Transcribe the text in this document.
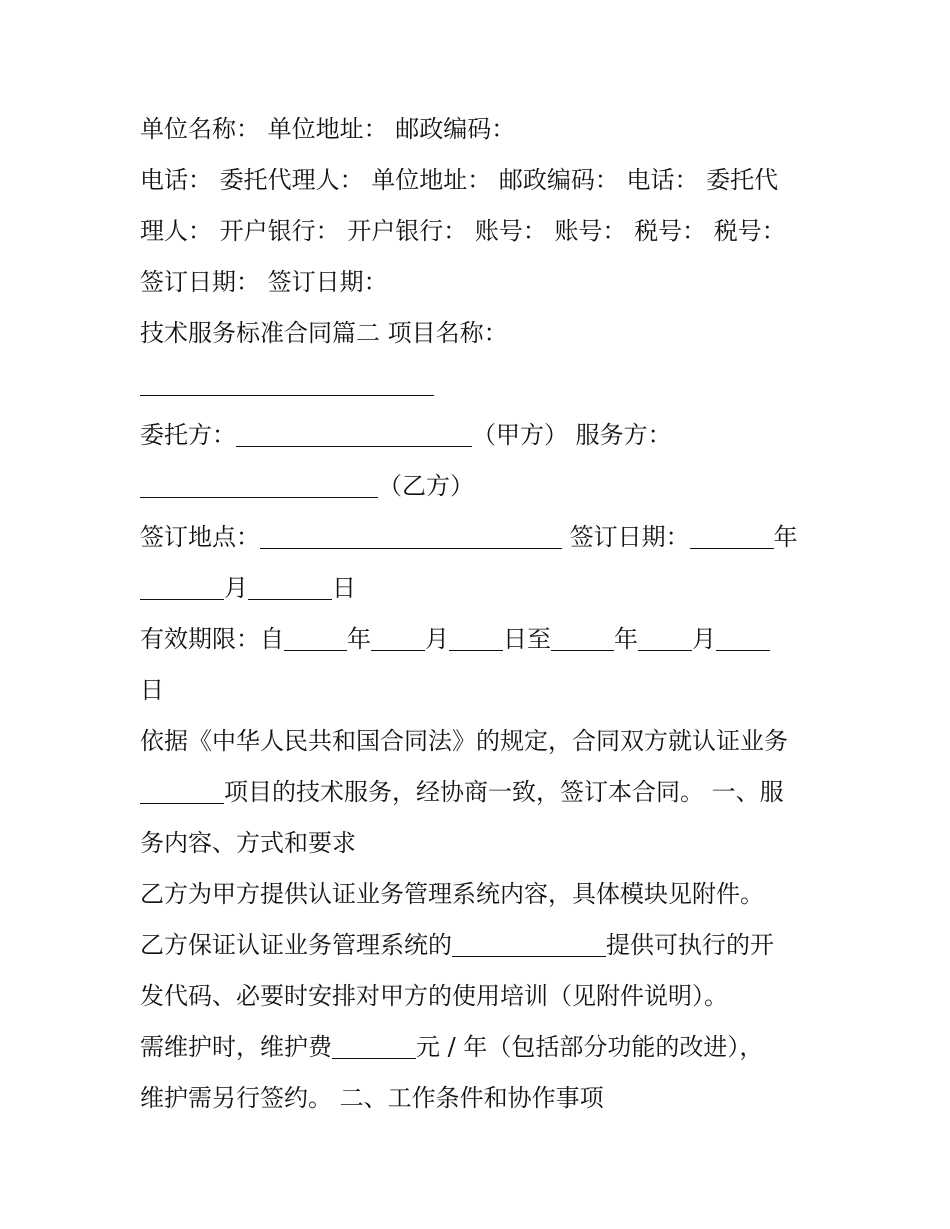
单位名称： 单位地址： 邮政编码：
电话： 委托代理人： 单位地址： 邮政编码： 电话： 委托代
理人： 开户银行： 开户银行： 账号： 账号： 税号： 税号：
签订日期： 签订日期：
技术服务标准合同篇二 项目名称：
委托方：	（甲方） 服务方：
（乙方）
签订地点：	签订日期：	年
月	日
有效期限：自	年 月 日至	年 月
日
依据《中华人民共和国合同法》的规定，合同双方就认证业务
项目的技术服务，经协商一致，签订本合同。 一、服
务内容、方式和要求
乙方为甲方提供认证业务管理系统内容，具体模块见附件。
乙方保证认证业务管理系统的	提供可执行的开
发代码、必要时安排对甲方的使用培训（见附件说明）。
需维护时，维护费	元 / 年（包括部分功能的改进），
维护需另行签约。 二、工作条件和协作事项
